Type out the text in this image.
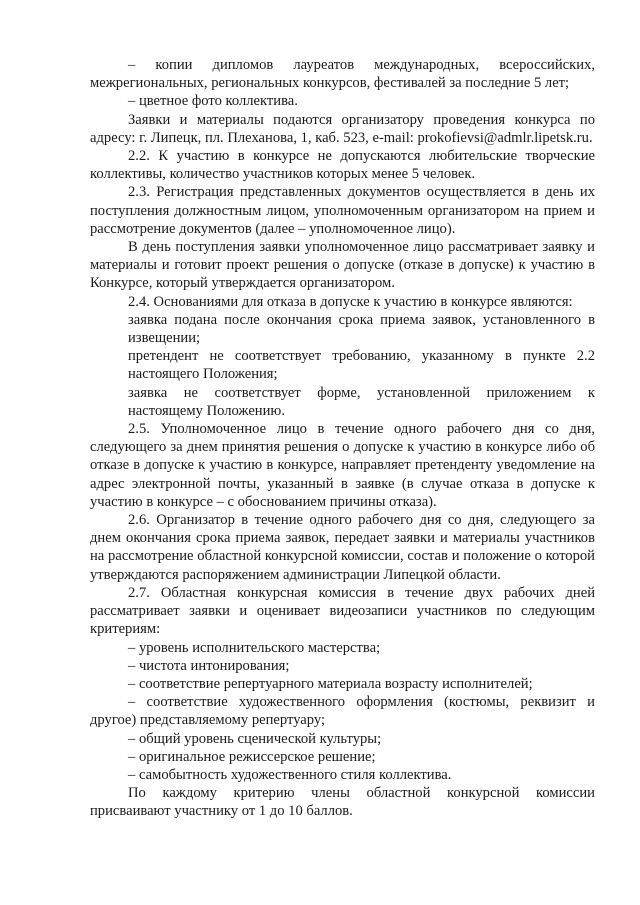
– копии дипломов лауреатов международных, всероссийских, межрегиональных, региональных конкурсов, фестивалей за последние 5 лет;

– цветное фото коллектива.

Заявки и материалы подаются организатору проведения конкурса по адресу: г. Липецк, пл. Плеханова, 1, каб. 523, e-mail: prokofievsi@admlr.lipetsk.ru.

2.2. К участию в конкурсе не допускаются любительские творческие коллективы, количество участников которых менее 5 человек.

2.3. Регистрация представленных документов осуществляется в день их поступления должностным лицом, уполномоченным организатором на прием и рассмотрение документов (далее – уполномоченное лицо).

В день поступления заявки уполномоченное лицо рассматривает заявку и материалы и готовит проект решения о допуске (отказе в допуске) к участию в Конкурсе, который утверждается организатором.

2.4. Основаниями для отказа в допуске к участию в конкурсе являются:

заявка подана после окончания срока приема заявок, установленного в извещении;

претендент не соответствует требованию, указанному в пункте 2.2 настоящего Положения;

заявка не соответствует форме, установленной приложением к настоящему Положению.

2.5. Уполномоченное лицо в течение одного рабочего дня со дня, следующего за днем принятия решения о допуске к участию в конкурсе либо об отказе в допуске к участию в конкурсе, направляет претенденту уведомление на адрес электронной почты, указанный в заявке (в случае отказа в допуске к участию в конкурсе – с обоснованием причины отказа).

2.6. Организатор в течение одного рабочего дня со дня, следующего за днем окончания срока приема заявок, передает заявки и материалы участников на рассмотрение областной конкурсной комиссии, состав и положение о которой утверждаются распоряжением администрации Липецкой области.

2.7. Областная конкурсная комиссия в течение двух рабочих дней рассматривает заявки и оценивает видеозаписи участников по следующим критериям:

– уровень исполнительского мастерства;

– чистота интонирования;

– соответствие репертуарного материала возрасту исполнителей;

– соответствие художественного оформления (костюмы, реквизит и другое) представляемому репертуару;

– общий уровень сценической культуры;

– оригинальное режиссерское решение;

– самобытность художественного стиля коллектива.

По каждому критерию члены областной конкурсной комиссии присваивают участнику от 1 до 10 баллов.
